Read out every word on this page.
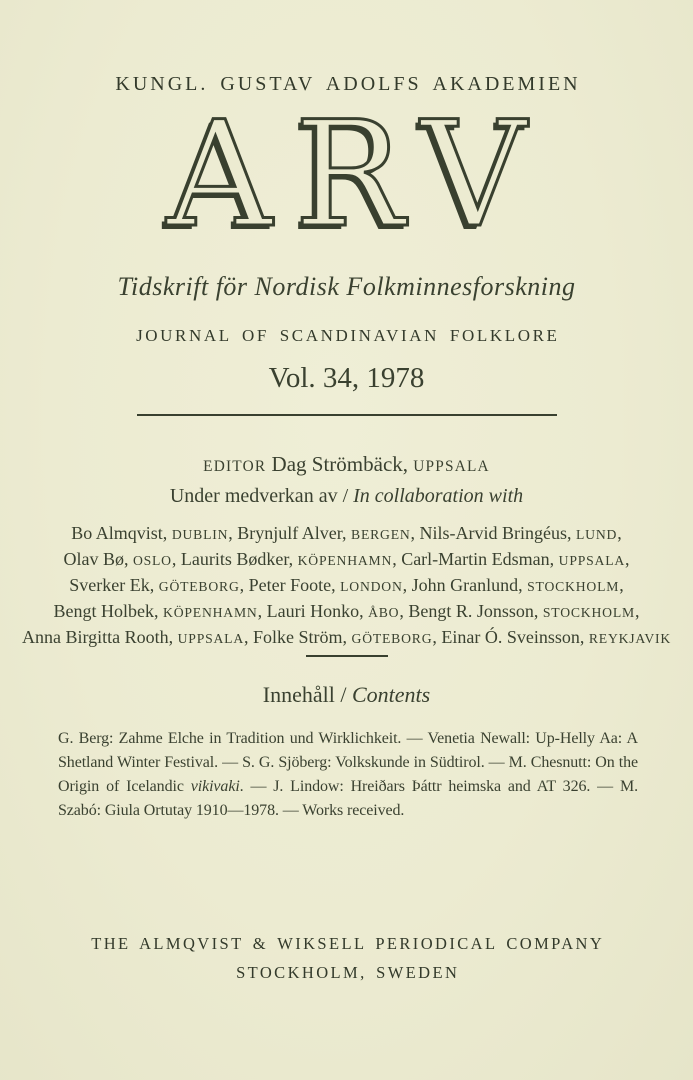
KUNGL. GUSTAV ADOLFS AKADEMIEN
ARV
Tidskrift för Nordisk Folkminnesforskning
JOURNAL OF SCANDINAVIAN FOLKLORE
Vol. 34, 1978
EDITOR Dag Strömbäck, UPPSALA
Under medverkan av / In collaboration with
Bo Almqvist, DUBLIN, Brynjulf Alver, BERGEN, Nils-Arvid Bringéus, LUND,
Olav Bø, OSLO, Laurits Bødker, KÖPENHAMN, Carl-Martin Edsman, UPPSALA,
Sverker Ek, GÖTEBORG, Peter Foote, LONDON, John Granlund, STOCKHOLM,
Bengt Holbek, KÖPENHAMN, Lauri Honko, ÅBO, Bengt R. Jonsson, STOCKHOLM,
Anna Birgitta Rooth, UPPSALA, Folke Ström, GÖTEBORG, Einar Ó. Sveinsson, REYKJAVIK
Innehåll / Contents

G. Berg: Zahme Elche in Tradition und Wirklichkeit. — Venetia Newall: Up-Helly Aa: A Shetland Winter Festival. — S. G. Sjöberg: Volkskunde in Südtirol. — M. Chesnutt: On the Origin of Icelandic vikivaki. — J. Lindow: Hreiðars Þáttr heimska and AT 326. — M. Szabó: Giula Ortutay 1910—1978. — Works received.

THE ALMQVIST & WIKSELL PERIODICAL COMPANY
STOCKHOLM, SWEDEN
